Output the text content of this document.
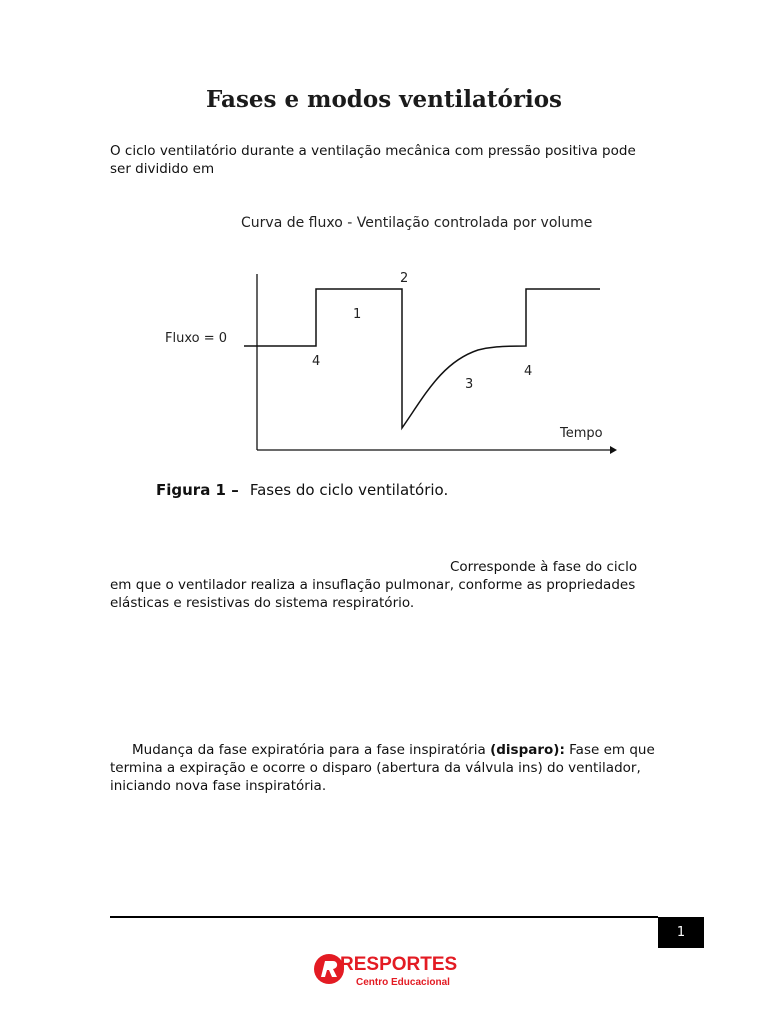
Fases e modos ventilatórios
O ciclo ventilatório durante a ventilação mecânica com pressão positiva pode ser dividido em
Curva de fluxo - Ventilação controlada por volume
Fluxo = 0
1
2
3
4
4
Tempo
Figura 1 – Fases do ciclo ventilatório.
Corresponde à fase do ciclo
em que o ventilador realiza a insuflação pulmonar, conforme as propriedades elásticas e resistivas do sistema respiratório.
Mudança da fase expiratória para a fase inspiratória (disparo): Fase em que termina a expiração e ocorre o disparo (abertura da válvula ins) do ventilador, iniciando nova fase inspiratória.
1
RESPORTES
Centro Educacional
